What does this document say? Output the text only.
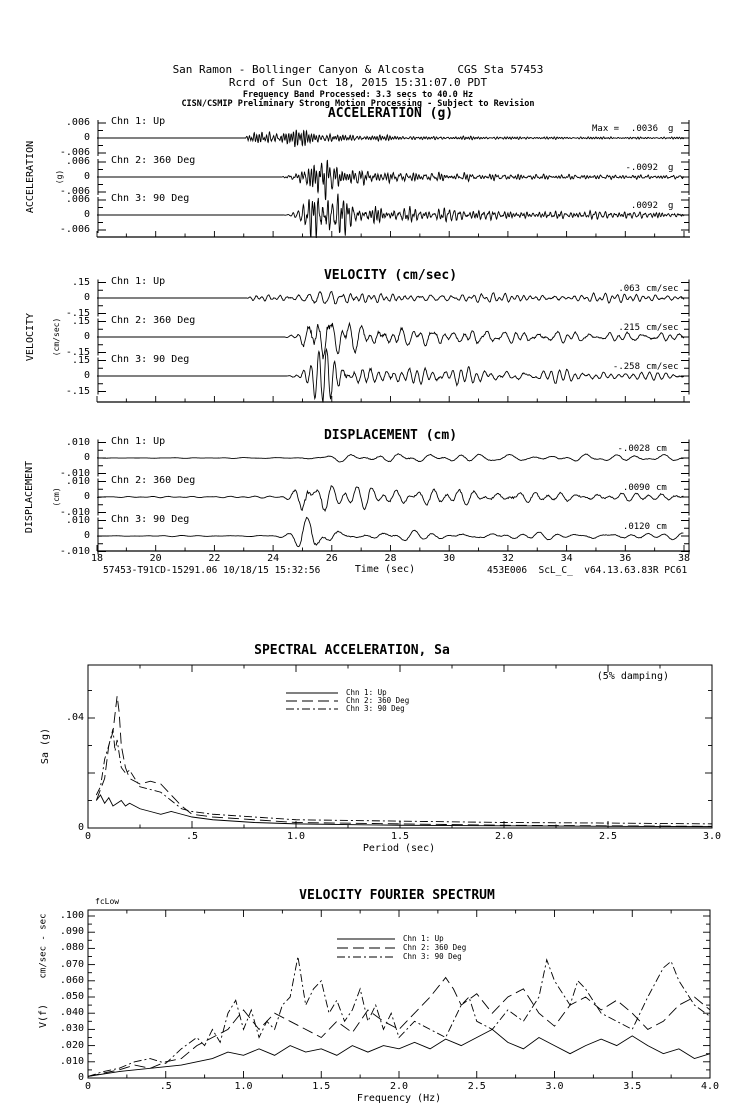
San Ramon - Bollinger Canyon & Alcosta     CGS Sta 57453
Rcrd of Sun Oct 18, 2015 15:31:07.0 PDT
Frequency Band Processed: 3.3 secs to 40.0 Hz
CISN/CSMIP Preliminary Strong Motion Processing - Subject to Revision
ACCELERATION (g)
VELOCITY (cm/sec)
DISPLACEMENT (cm)
ACCELERATION (g)
VELOCITY (cm/sec)
DISPLACEMENT (cm)
Time (sec)
57453-T91CD-15291.06 10/18/15 15:32:56	453E006  ScL_C_  v64.13.63.83R PC61
SPECTRAL ACCELERATION, Sa
(5% damping)
Sa (g)
Period (sec)
VELOCITY FOURIER SPECTRUM
fcLow
cm/sec - sec
V(f)
Frequency (Hz)
.006
0
-.006
Chn 1: Up
Max =	.0036 g
.006
0
-.006
Chn 2: 360 Deg
-.0092 g
.006
0
-.006
Chn 3: 90 Deg
.0092 g
.15
0
-.15
Chn 1: Up
.063 cm/sec
.15
0
-.15
Chn 2: 360 Deg
.215 cm/sec
.15
0
-.15
Chn 3: 90 Deg
-.258 cm/sec
.010
0
-.010
Chn 1: Up
-.0028 cm
.010
0
-.010
Chn 2: 360 Deg
.0090 cm
.010
0
-.010
Chn 3: 90 Deg
.0120 cm
18	20	22	24	26	28	30	32	34	36	38
0	.5	1.0	1.5	2.0	2.5	3.0
Chn 1: Up
Chn 2: 360 Deg
Chn 3: 90 Deg
0
.04
0	.5	1.0	1.5	2.0	2.5	3.0	3.5	4.0
Chn 1: Up
Chn 2: 360 Deg
Chn 3: 90 Deg
.100
.090
.080
.070
.060
.050
.040
.030
.020
.010
0
